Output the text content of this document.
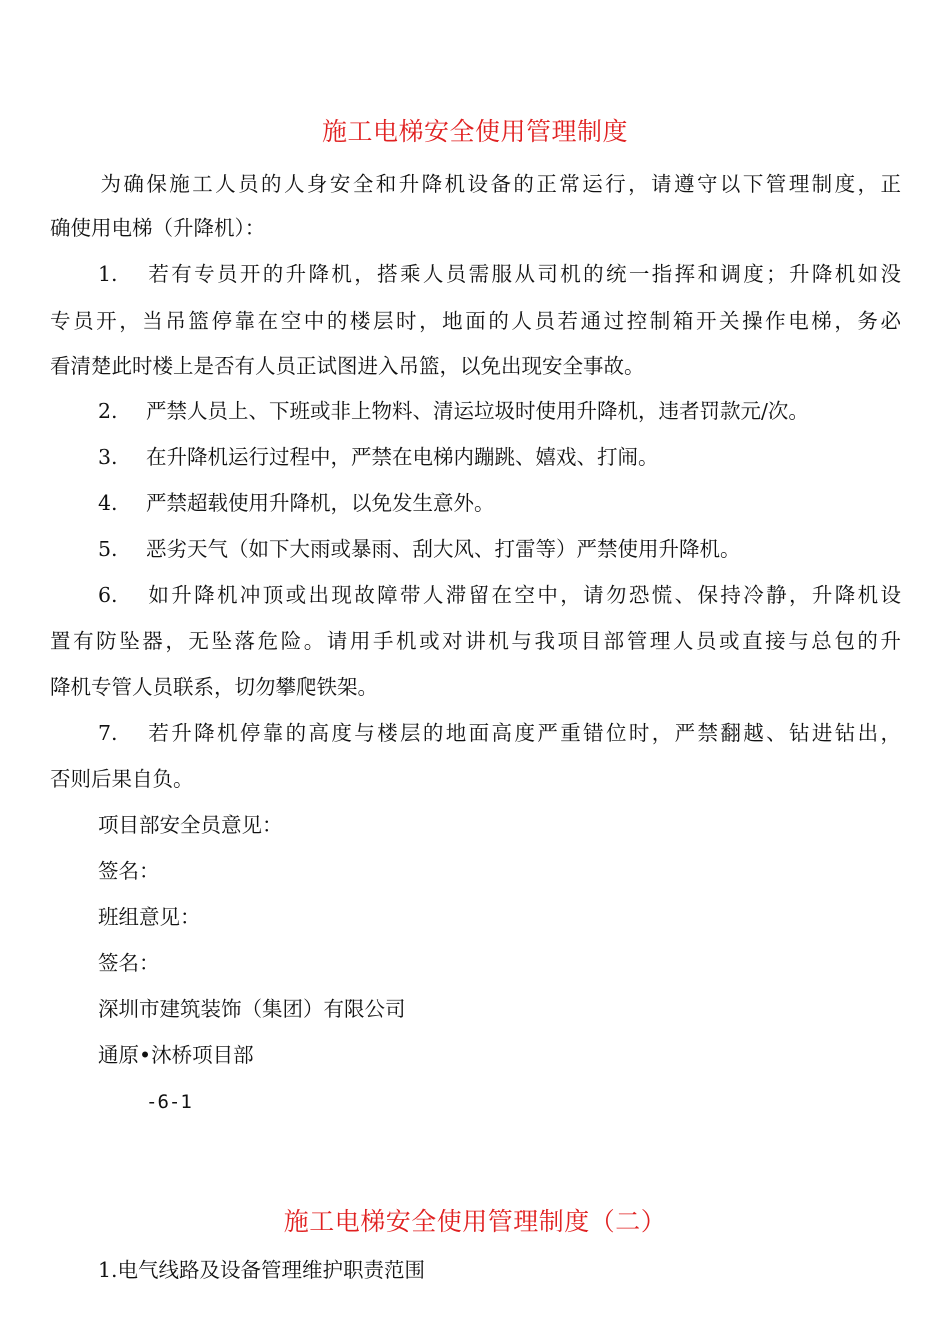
施工电梯安全使用管理制度
为确保施工人员的人身安全和升降机设备的正常运行，请遵守以下管理制度，正
确使用电梯（升降机）：
1. 若有专员开的升降机，搭乘人员需服从司机的统一指挥和调度；升降机如没
专员开，当吊篮停靠在空中的楼层时，地面的人员若通过控制箱开关操作电梯，务必
看清楚此时楼上是否有人员正试图进入吊篮，以免出现安全事故。
2. 严禁人员上、下班或非上物料、清运垃圾时使用升降机，违者罚款元/次。
3. 在升降机运行过程中，严禁在电梯内蹦跳、嬉戏、打闹。
4. 严禁超载使用升降机，以免发生意外。
5. 恶劣天气（如下大雨或暴雨、刮大风、打雷等）严禁使用升降机。
6. 如升降机冲顶或出现故障带人滞留在空中，请勿恐慌、保持冷静，升降机设
置有防坠器，无坠落危险。请用手机或对讲机与我项目部管理人员或直接与总包的升
降机专管人员联系，切勿攀爬铁架。
7. 若升降机停靠的高度与楼层的地面高度严重错位时，严禁翻越、钻进钻出，
否则后果自负。
项目部安全员意见：
签名：
班组意见：
签名：
深圳市建筑装饰（集团）有限公司
通原•沐桥项目部
-6-1
施工电梯安全使用管理制度（二）
1.电气线路及设备管理维护职责范围
